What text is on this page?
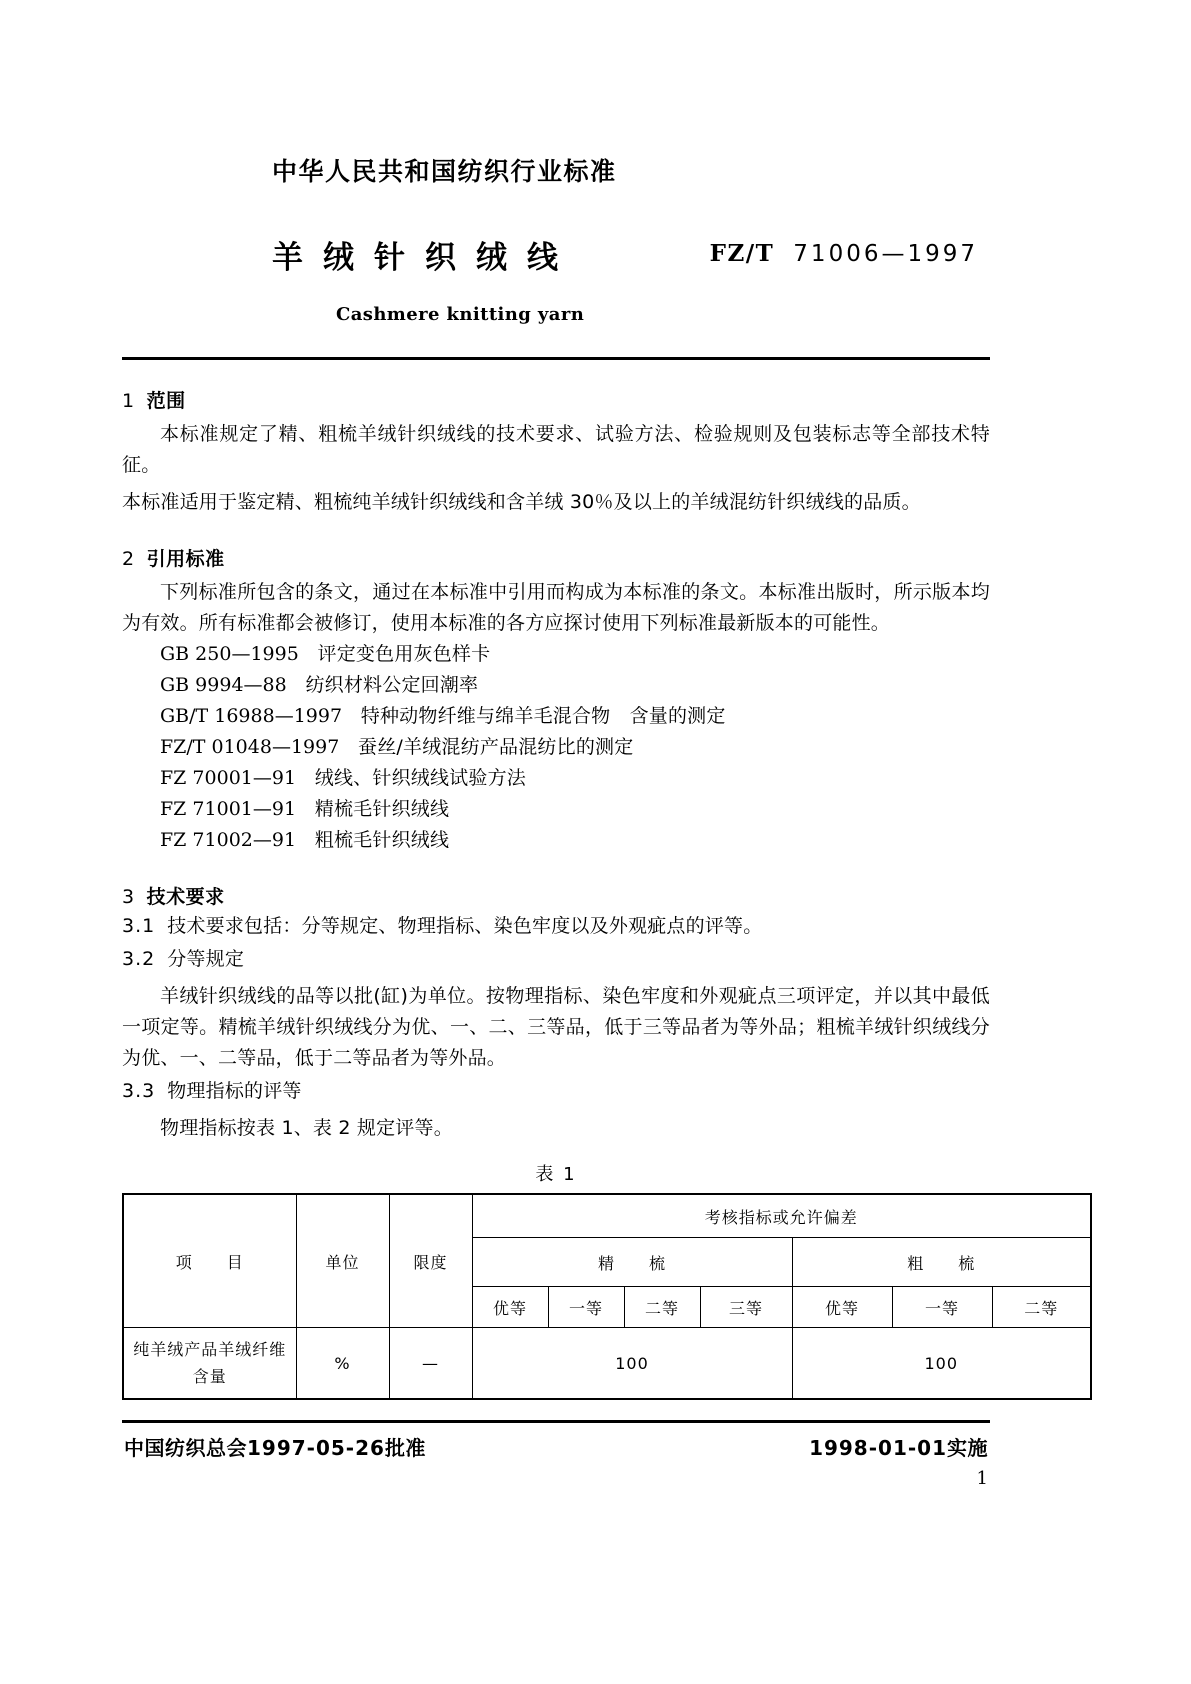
中华人民共和国纺织行业标准
羊绒针织绒线	FZ/T 71006—1997
Cashmere knitting yarn
1 范围
本标准规定了精、粗梳羊绒针织绒线的技术要求、试验方法、检验规则及包装标志等全部技术特征。
本标准适用于鉴定精、粗梳纯羊绒针织绒线和含羊绒 30％及以上的羊绒混纺针织绒线的品质。
2 引用标准
下列标准所包含的条文，通过在本标准中引用而构成为本标准的条文。本标准出版时，所示版本均为有效。所有标准都会被修订，使用本标准的各方应探讨使用下列标准最新版本的可能性。
GB 250—1995 评定变色用灰色样卡
GB 9994—88 纺织材料公定回潮率
GB/T 16988—1997 特种动物纤维与绵羊毛混合物　含量的测定
FZ/T 01048—1997 蚕丝/羊绒混纺产品混纺比的测定
FZ 70001—91 绒线、针织绒线试验方法
FZ 71001—91 精梳毛针织绒线
FZ 71002—91 粗梳毛针织绒线
3 技术要求
3.1 技术要求包括：分等规定、物理指标、染色牢度以及外观疵点的评等。
3.2 分等规定
羊绒针织绒线的品等以批(缸)为单位。按物理指标、染色牢度和外观疵点三项评定，并以其中最低一项定等。精梳羊绒针织绒线分为优、一、二、三等品，低于三等品者为等外品；粗梳羊绒针织绒线分为优、一、二等品，低于二等品者为等外品。
3.3 物理指标的评等
物理指标按表 1、表 2 规定评等。
表 1
项　　目	单位	限度	考核指标或允许偏差						
			精　　梳				粗　　梳		
			优等	一等	二等	三等	优等	一等	二等
纯羊绒产品羊绒纤维含量	%	—	100				100		
中国纺织总会1997-05-26批准	1998-01-01实施
1
